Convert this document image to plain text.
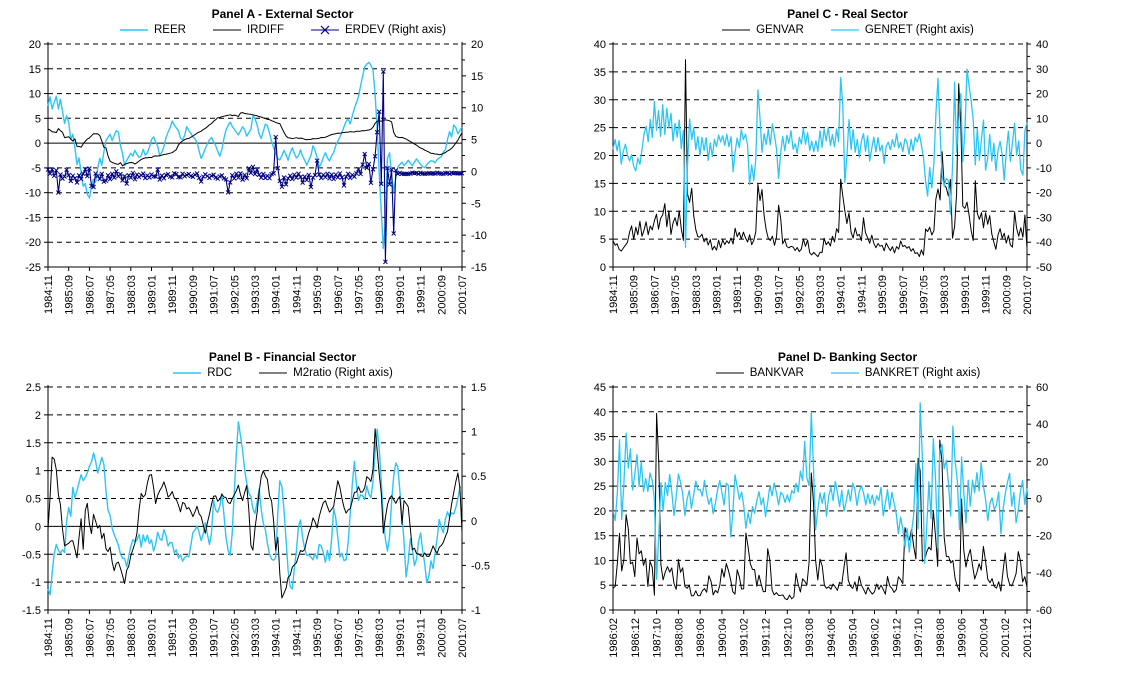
Panel A - External Sector
REER	IRDIFF	ERDEV (Right axis)
20
15
10
5
0
-5
-10
-15
-20
-25
20
15
10
5
0
-5
-10
-15
1984:11 1985:09 1986:07 1987:05 1988:03 1989:01 1989:11 1990:09 1991:07 1992:05 1993:03 1994:01 1994:11 1995:09 1996:07 1997:05 1998:03 1999:01 1999:11 2000:09 2001:07
Panel C - Real Sector
GENVAR	GENRET (Right axis)
40
35
30
25
20
15
10
5
0
40
30
20
10
0
-10
-20
-30
-40
-50
1984:11 1985:09 1986:07 1987:05 1988:03 1989:01 1989:11 1990:09 1991:07 1992:05 1993:03 1994:01 1994:11 1995:09 1996:07 1997:05 1998:03 1999:01 1999:11 2000:09 2001:07
Panel B - Financial Sector
RDC	M2ratio (Right axis)
2.5
2
1.5
1
0.5
0
-0.5
-1
-1.5
1.5
1
0.5
0
-0.5
-1
1984:11 1985:09 1986:07 1987:05 1988:03 1989:01 1989:11 1990:09 1991:07 1992:05 1993:03 1994:01 1994:11 1995:09 1996:07 1997:05 1998:03 1999:01 1999:11 2000:09 2001:07
Panel D- Banking Sector
BANKVAR	BANKRET (Right axis)
45
40
35
30
25
20
15
10
5
0
60
40
20
0
-20
-40
-60
1986:02 1986:12 1987:10 1988:08 1989:06 1990:04 1991:02 1991:12 1992:10 1993:08 1994:06 1995:04 1996:02 1996:12 1997:10 1998:08 1999:06 2000:04 2001:02 2001:12
